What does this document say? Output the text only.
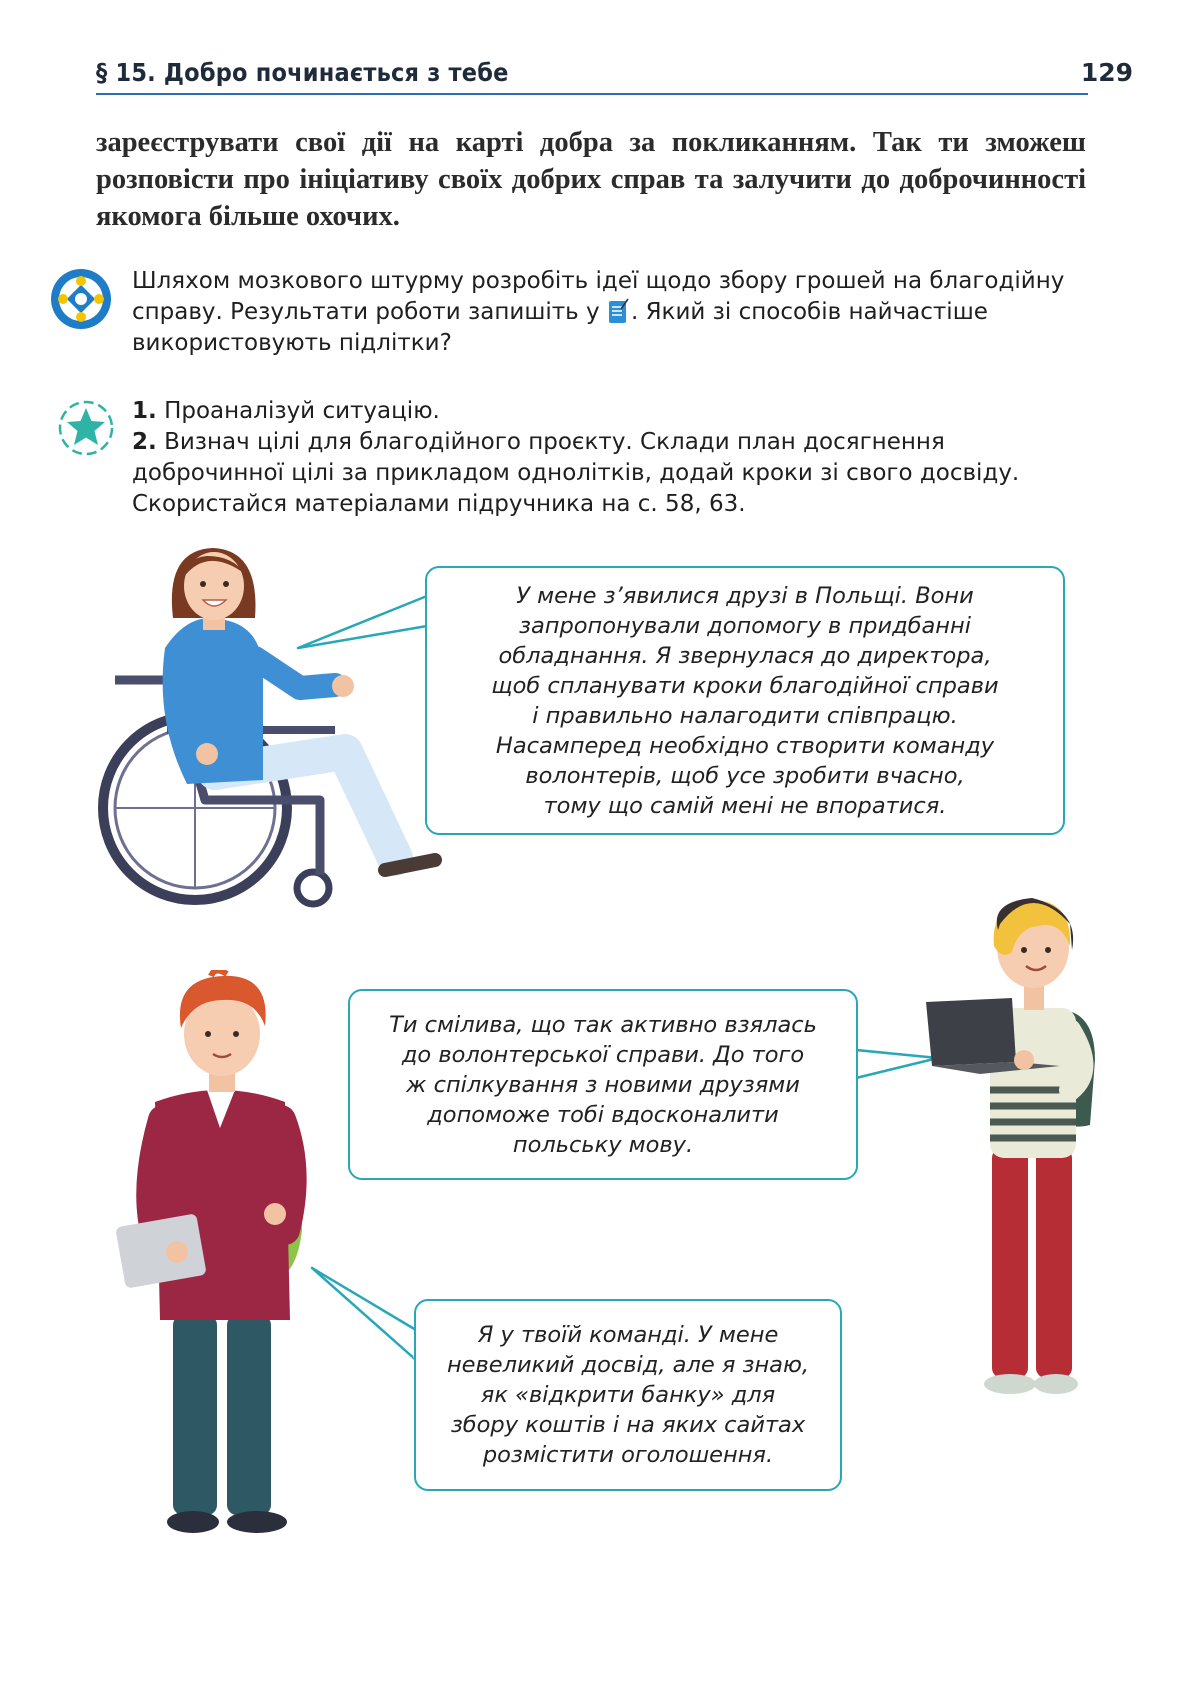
§ 15. Добро починається з тебе	129
зареєструвати свої дії на карті добра за покликанням. Так ти зможеш розповісти про ініціативу своїх добрих справ та залучити до доброчинності якомога більше охочих.
Шляхом мозкового штурму розробіть ідеї щодо збору грошей на благодійну справу. Результати роботи запишіть у . Який зі способів найчастіше використовують підлітки?
1. Проаналізуй ситуацію.
2. Визнач цілі для благодійного проєкту. Склади план досягнення доброчинної цілі за прикладом однолітків, додай кроки зі свого досвіду. Скористайся матеріалами підручника на с. 58, 63.
У мене з’явилися друзі в Польщі. Вони
запропонували допомогу в придбанні
обладнання. Я звернулася до директора,
щоб спланувати кроки благодійної справи
і правильно налагодити співпрацю.
Насамперед необхідно створити команду
волонтерів, щоб усе зробити вчасно,
тому що самій мені не впоратися.
Ти смілива, що так активно взялась
до волонтерської справи. До того
ж спілкування з новими друзями
допоможе тобі вдосконалити
польську мову.
Я у твоїй команді. У мене
невеликий досвід, але я знаю,
як «відкрити банку» для
збору коштів і на яких сайтах
розмістити оголошення.
